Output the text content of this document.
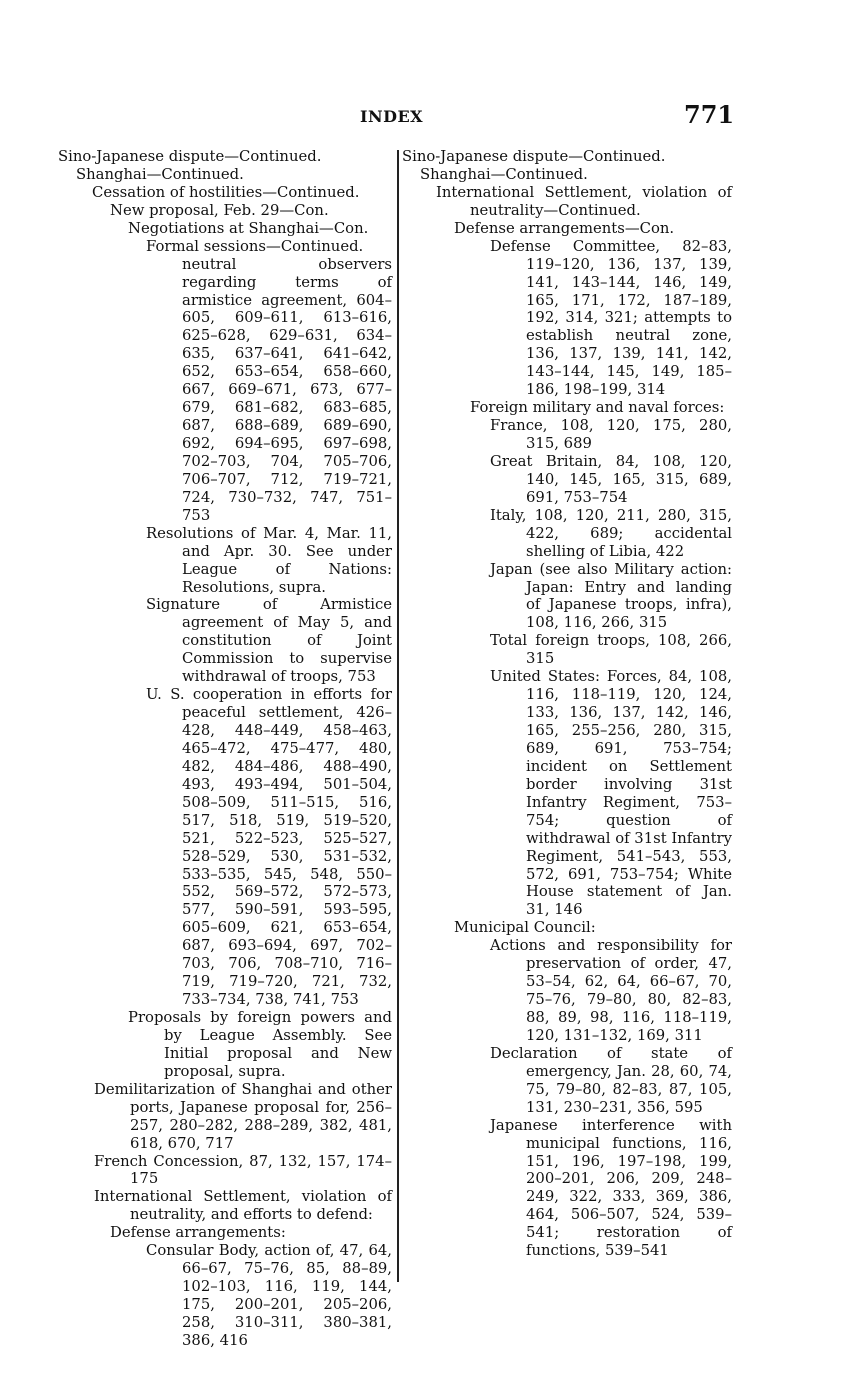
INDEX	771

Sino-Japanese dispute—Continued.

Shanghai—Continued.

Cessation of hostilities—Continued.

New proposal, Feb. 29—Con.

Negotiations at Shanghai—Con.

Formal sessions—Continued.

neutral observers regarding terms of armistice agreement, 604–605, 609–611, 613–616, 625–628, 629–631, 634–635, 637–641, 641–642, 652, 653–654, 658–660, 667, 669–671, 673, 677–679, 681–682, 683–685, 687, 688–689, 689–690, 692, 694–695, 697–698, 702–703, 704, 705–706, 706–707, 712, 719–721, 724, 730–732, 747, 751–753

Resolutions of Mar. 4, Mar. 11, and Apr. 30. See under League of Nations: Resolutions, supra.

Signature of Armistice agreement of May 5, and constitution of Joint Commission to supervise withdrawal of troops, 753

U. S. cooperation in efforts for peaceful settlement, 426–428, 448–449, 458–463, 465–472, 475–477, 480, 482, 484–486, 488–490, 493, 493–494, 501–504, 508–509, 511–515, 516, 517, 518, 519, 519–520, 521, 522–523, 525–527, 528–529, 530, 531–532, 533–535, 545, 548, 550–552, 569–572, 572–573, 577, 590–591, 593–595, 605–609, 621, 653–654, 687, 693–694, 697, 702–703, 706, 708–710, 716–719, 719–720, 721, 732, 733–734, 738, 741, 753

Proposals by foreign powers and by League Assembly. See Initial proposal and New proposal, supra.

Demilitarization of Shanghai and other ports, Japanese proposal for, 256–257, 280–282, 288–289, 382, 481, 618, 670, 717

French Concession, 87, 132, 157, 174–175

International Settlement, violation of neutrality, and efforts to defend:

Defense arrangements:

Consular Body, action of, 47, 64, 66–67, 75–76, 85, 88–89, 102–103, 116, 119, 144, 175, 200–201, 205–206, 258, 310–311, 380–381, 386, 416

Sino-Japanese dispute—Continued.

Shanghai—Continued.

International Settlement, violation of neutrality—Continued.

Defense arrangements—Con.

Defense Committee, 82–83, 119–120, 136, 137, 139, 141, 143–144, 146, 149, 165, 171, 172, 187–189, 192, 314, 321; attempts to establish neutral zone, 136, 137, 139, 141, 142, 143–144, 145, 149, 185–186, 198–199, 314

Foreign military and naval forces:

France, 108, 120, 175, 280, 315, 689

Great Britain, 84, 108, 120, 140, 145, 165, 315, 689, 691, 753–754

Italy, 108, 120, 211, 280, 315, 422, 689; accidental shelling of Libia, 422

Japan (see also Military action: Japan: Entry and landing of Japanese troops, infra), 108, 116, 266, 315

Total foreign troops, 108, 266, 315

United States: Forces, 84, 108, 116, 118–119, 120, 124, 133, 136, 137, 142, 146, 165, 255–256, 280, 315, 689, 691, 753–754; incident on Settlement border involving 31st Infantry Regiment, 753–754; question of withdrawal of 31st Infantry Regiment, 541–543, 553, 572, 691, 753–754; White House statement of Jan. 31, 146

Municipal Council:

Actions and responsibility for preservation of order, 47, 53–54, 62, 64, 66–67, 70, 75–76, 79–80, 80, 82–83, 88, 89, 98, 116, 118–119, 120, 131–132, 169, 311

Declaration of state of emergency, Jan. 28, 60, 74, 75, 79–80, 82–83, 87, 105, 131, 230–231, 356, 595

Japanese interference with municipal functions, 116, 151, 196, 197–198, 199, 200–201, 206, 209, 248–249, 322, 333, 369, 386, 464, 506–507, 524, 539–541; restoration of functions, 539–541
